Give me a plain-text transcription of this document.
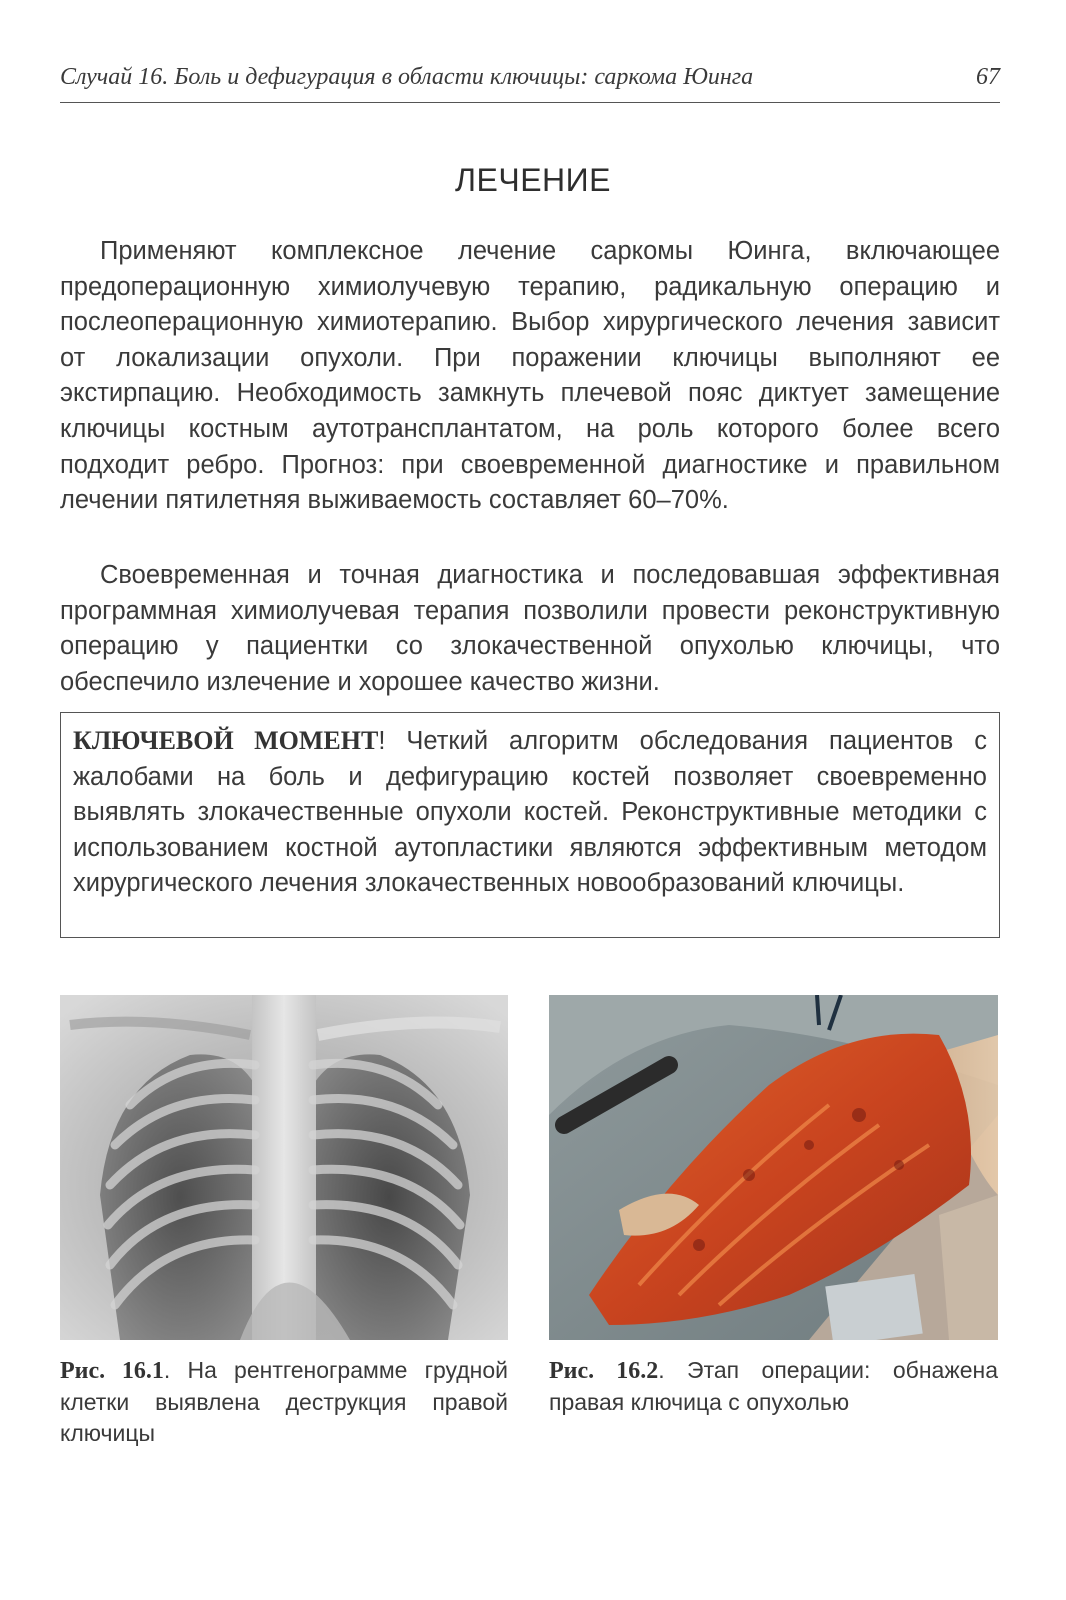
Случай 16. Боль и дефигурация в области ключицы: саркома Юинга	67
ЛЕЧЕНИЕ

Применяют комплексное лечение саркомы Юинга, включающее предоперационную химиолучевую терапию, радикальную операцию и послеоперационную химиотерапию. Выбор хирургического лечения зависит от локализации опухоли. При поражении ключицы выполняют ее экстирпацию. Необходимость замкнуть плечевой пояс диктует замещение ключицы костным аутотрансплантатом, на роль которого более всего подходит ребро. Прогноз: при своевременной диагностике и правильном лечении пятилетняя выживаемость составляет 60–70%.

Своевременная и точная диагностика и последовавшая эффективная программная химиолучевая терапия позволили провести реконструктивную операцию у пациентки со злокачественной опухолью ключицы, что обеспечило излечение и хорошее качество жизни.

КЛЮЧЕВОЙ МОМЕНТ! Четкий алгоритм обследования пациентов с жалобами на боль и дефигурацию костей позволяет своевременно выявлять злокачественные опухоли костей. Реконструктивные методики с использованием костной аутопластики являются эффективным методом хирургического лечения злокачественных новообразований ключицы.
Рис. 16.1. На рентгенограмме грудной клетки выявлена деструкция правой ключицы
Рис. 16.2. Этап операции: обнажена правая ключица с опухолью
